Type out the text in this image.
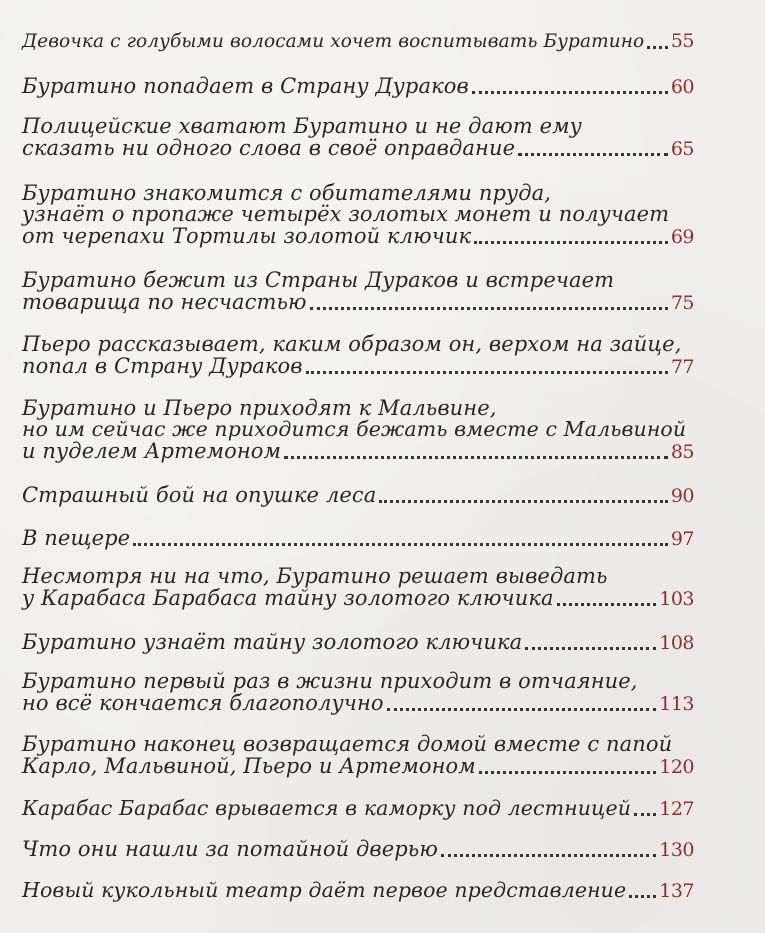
Девочка с голубыми волосами хочет воспитывать Буратино 55
Буратино попадает в Страну Дураков	60
Полицейские хватают Буратино и не дают ему
сказать ни одного слова в своё оправдание	65
Буратино знакомится с обитателями пруда,
узнаёт о пропаже четырёх золотых монет и получает
от черепахи Тортилы золотой ключик	69
Буратино бежит из Страны Дураков и встречает
товарища по несчастью	75
Пьеро рассказывает, каким образом он, верхом на зайце,
попал в Страну Дураков	77
Буратино и Пьеро приходят к Мальвине,
но им сейчас же приходится бежать вместе с Мальвиной
и пуделем Артемоном	85
Страшный бой на опушке леса	90
В пещере	97
Несмотря ни на что, Буратино решает выведать
у Карабаса Барабаса тайну золотого ключика	103
Буратино узнаёт тайну золотого ключика	108
Буратино первый раз в жизни приходит в отчаяние,
но всё кончается благополучно	113
Буратино наконец возвращается домой вместе с папой
Карло, Мальвиной, Пьеро и Артемоном	120
Карабас Барабас врывается в каморку под лестницей 127
Что они нашли за потайной дверью	130
Новый кукольный театр даёт первое представление 137
